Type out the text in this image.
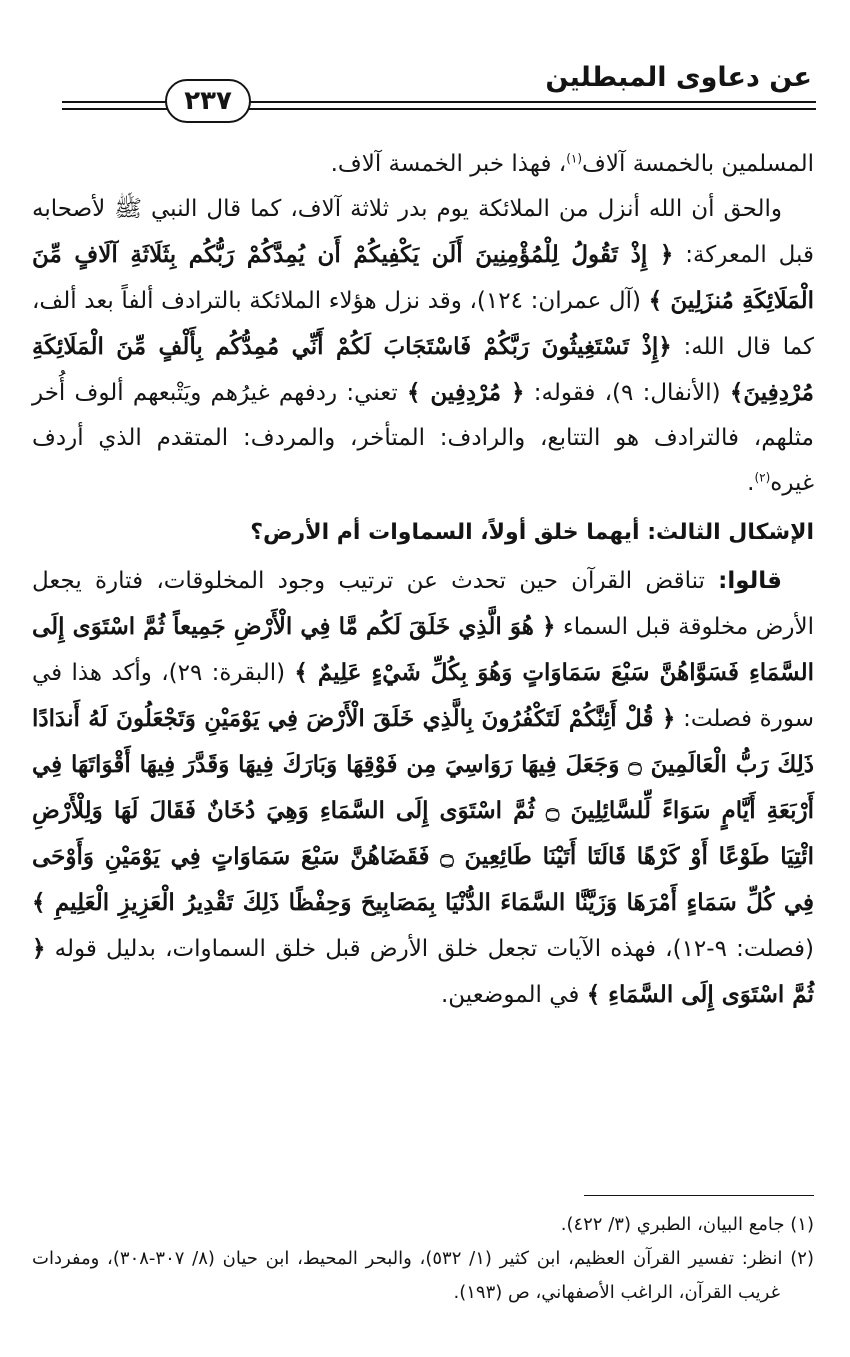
عن دعاوى المبطلين
٢٣٧

المسلمين بالخمسة آلاف$^{(١)}$، فهذا خبر الخمسة آلاف.

والحق أن الله أنزل من الملائكة يوم بدر ثلاثة آلاف، كما قال النبي ﷺ لأصحابه قبل المعركة: ﴿ إِذْ تَقُولُ لِلْمُؤْمِنِينَ أَلَن يَكْفِيكُمْ أَن يُمِدَّكُمْ رَبُّكُم بِثَلَاثَةِ آلَافٍ مِّنَ الْمَلَائِكَةِ مُنزَلِينَ ﴾ (آل عمران: ١٢٤)، وقد نزل هؤلاء الملائكة بالترادف ألفاً بعد ألف، كما قال الله: ﴿إِذْ تَسْتَغِيثُونَ رَبَّكُمْ فَاسْتَجَابَ لَكُمْ أَنِّي مُمِدُّكُم بِأَلْفٍ مِّنَ الْمَلَائِكَةِ مُرْدِفِينَ﴾ (الأنفال: ٩)، فقوله: ﴿ مُرْدِفِين ﴾ تعني: ردفهم غيرُهم ويَتْبعهم ألوف أُخر مثلهم، فالترادف هو التتابع، والرادف: المتأخر، والمردف: المتقدم الذي أردف غيره$^{(٢)}$.

الإشكال الثالث: أيهما خلق أولاً، السماوات أم الأرض؟

قالوا: تناقض القرآن حين تحدث عن ترتيب وجود المخلوقات، فتارة يجعل الأرض مخلوقة قبل السماء ﴿ هُوَ الَّذِي خَلَقَ لَكُم مَّا فِي الْأَرْضِ جَمِيعاً ثُمَّ اسْتَوَى إِلَى السَّمَاءِ فَسَوَّاهُنَّ سَبْعَ سَمَاوَاتٍ وَهُوَ بِكُلِّ شَيْءٍ عَلِيمٌ ﴾ (البقرة: ٢٩)، وأكد هذا في سورة فصلت: ﴿ قُلْ أَئِنَّكُمْ لَتَكْفُرُونَ بِالَّذِي خَلَقَ الْأَرْضَ فِي يَوْمَيْنِ وَتَجْعَلُونَ لَهُ أَندَادًا ذَلِكَ رَبُّ الْعَالَمِينَ ۝ وَجَعَلَ فِيهَا رَوَاسِيَ مِن فَوْقِهَا وَبَارَكَ فِيهَا وَقَدَّرَ فِيهَا أَقْوَاتَهَا فِي أَرْبَعَةِ أَيَّامٍ سَوَاءً لِّلسَّائِلِينَ ۝ ثُمَّ اسْتَوَى إِلَى السَّمَاءِ وَهِيَ دُخَانٌ فَقَالَ لَهَا وَلِلْأَرْضِ ائْتِيَا طَوْعًا أَوْ كَرْهًا قَالَتَا أَتَيْنَا طَائِعِينَ ۝ فَقَضَاهُنَّ سَبْعَ سَمَاوَاتٍ فِي يَوْمَيْنِ وَأَوْحَى فِي كُلِّ سَمَاءٍ أَمْرَهَا وَزَيَّنَّا السَّمَاءَ الدُّنْيَا بِمَصَابِيحَ وَحِفْظًا ذَلِكَ تَقْدِيرُ الْعَزِيزِ الْعَلِيمِ ﴾ (فصلت: ٩-١٢)، فهذه الآيات تجعل خلق الأرض قبل خلق السماوات، بدليل قوله ﴿ ثُمَّ اسْتَوَى إِلَى السَّمَاءِ ﴾ في الموضعين.

(١) جامع البيان، الطبري (٣/ ٤٢٢).

(٢) انظر: تفسير القرآن العظيم، ابن كثير (١/ ٥٣٢)، والبحر المحيط، ابن حيان (٨/ ٣٠٧-٣٠٨)، ومفردات غريب القرآن، الراغب الأصفهاني، ص (١٩٣).
